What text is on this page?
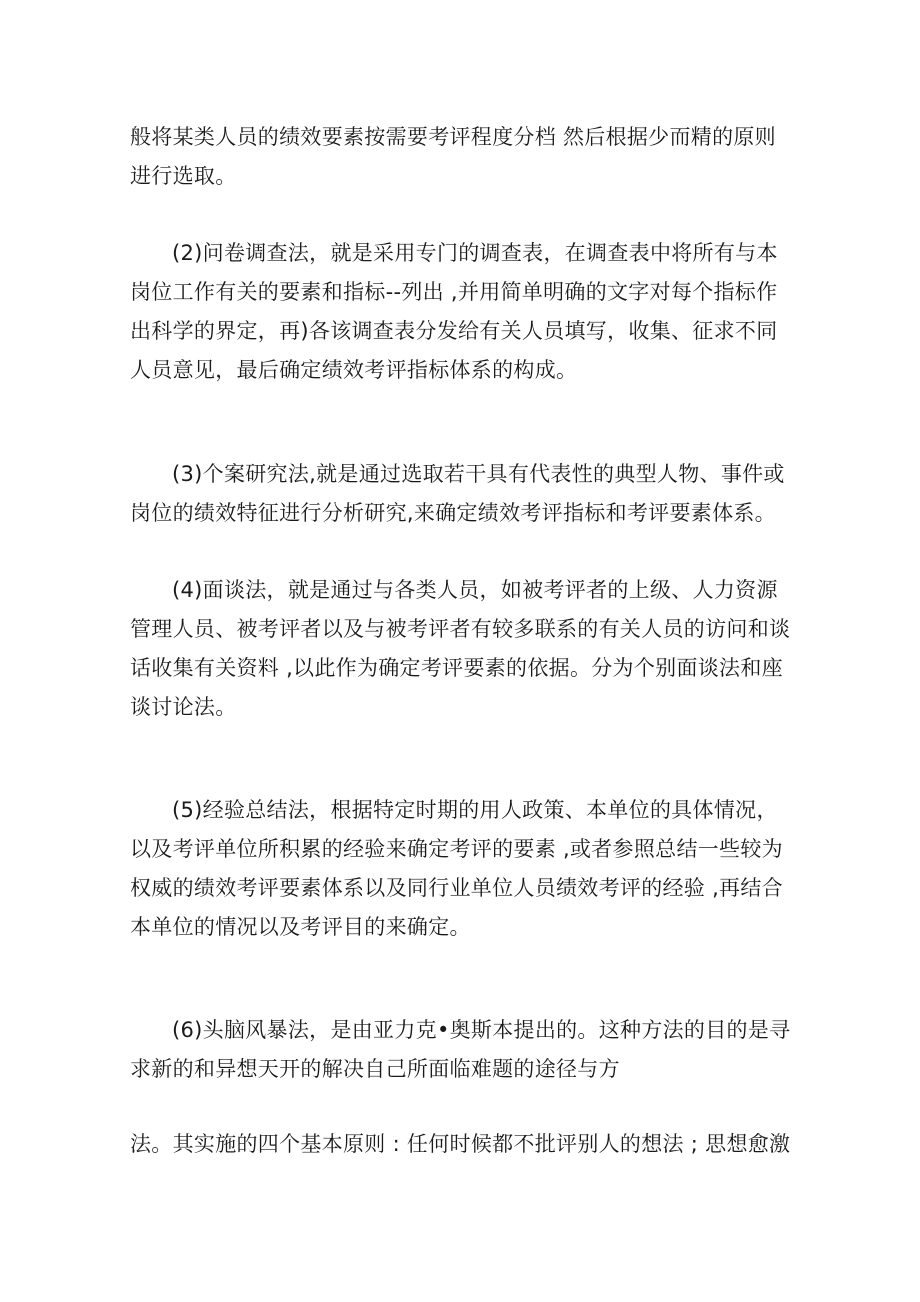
般将某类人员的绩效要素按需要考评程度分档 然后根据少而精的原则
进行选取。

(2)问卷调查法，就是采用专门的调查表，在调查表中将所有与本
岗位工作有关的要素和指标--列出 ,并用简单明确的文字对每个指标作
出科学的界定，再)各该调查表分发给有关人员填写，收集、征求不同
人员意见，最后确定绩效考评指标体系的构成。

(3)个案研究法,就是通过选取若干具有代表性的典型人物、事件或
岗位的绩效特征进行分析研究,来确定绩效考评指标和考评要素体系。

(4)面谈法，就是通过与各类人员，如被考评者的上级、人力资源
管理人员、被考评者以及与被考评者有较多联系的有关人员的访问和谈
话收集有关资料 ,以此作为确定考评要素的依据。分为个别面谈法和座
谈讨论法。

(5)经验总结法，根据特定时期的用人政策、本单位的具体情况，
以及考评单位所积累的经验来确定考评的要素 ,或者参照总结一些较为
权威的绩效考评要素体系以及同行业单位人员绩效考评的经验 ,再结合
本单位的情况以及考评目的来确定。

(6)头脑风暴法，是由亚力克•奥斯本提出的。这种方法的目的是寻
求新的和异想天开的解决自己所面临难题的途径与方

法。其实施的四个基本原则 : 任何时候都不批评别人的想法 ; 思想愈激
